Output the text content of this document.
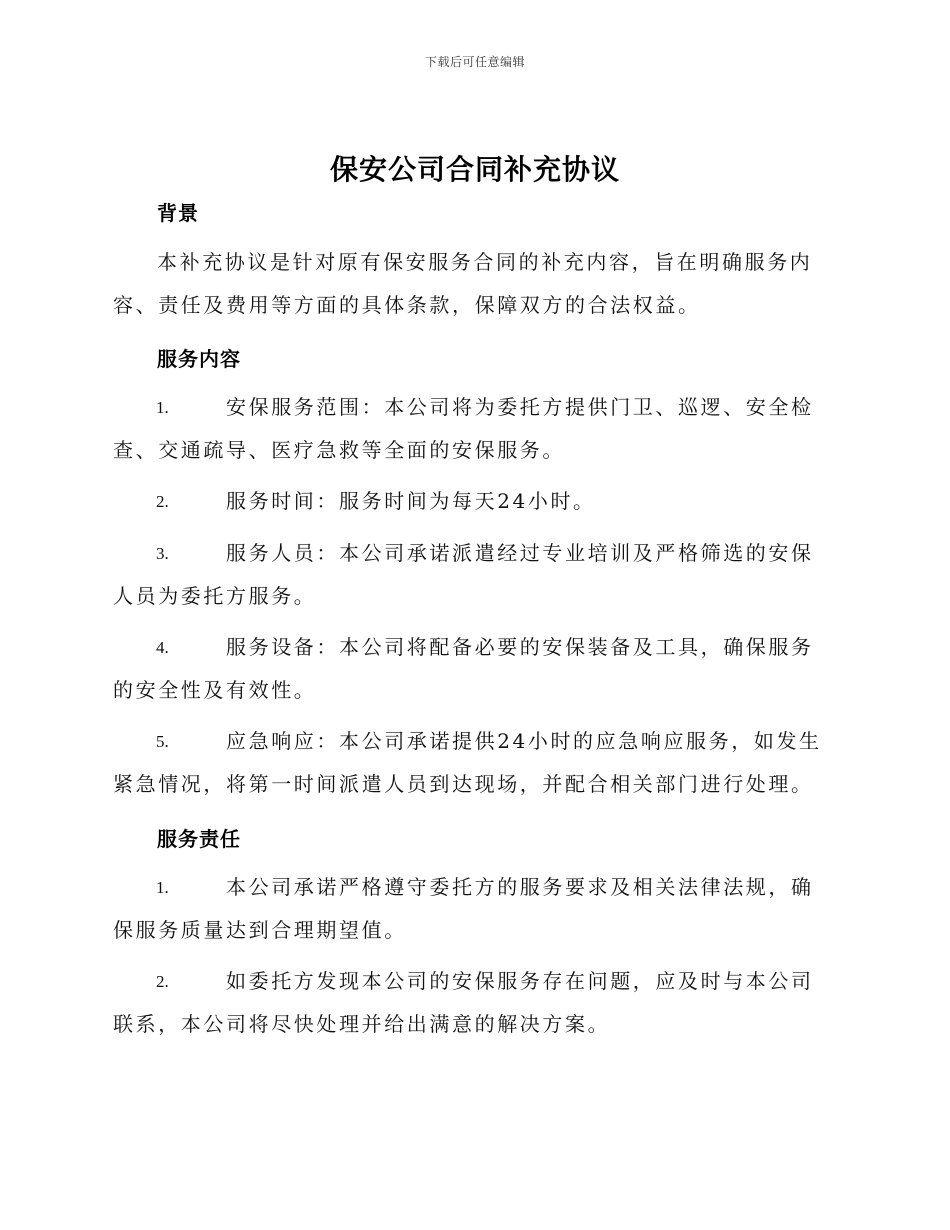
下载后可任意编辑
保安公司合同补充协议
背景
本补充协议是针对原有保安服务合同的补充内容，旨在明确服务内容、责任及费用等方面的具体条款，保障双方的合法权益。
服务内容
1.	安保服务范围：本公司将为委托方提供门卫、巡逻、安全检查、交通疏导、医疗急救等全面的安保服务。
2.	服务时间：服务时间为每天24小时。
3.	服务人员：本公司承诺派遣经过专业培训及严格筛选的安保人员为委托方服务。
4.	服务设备：本公司将配备必要的安保装备及工具，确保服务的安全性及有效性。
5.	应急响应：本公司承诺提供24小时的应急响应服务，如发生紧急情况，将第一时间派遣人员到达现场，并配合相关部门进行处理。
服务责任
1.	本公司承诺严格遵守委托方的服务要求及相关法律法规，确保服务质量达到合理期望值。
2.	如委托方发现本公司的安保服务存在问题，应及时与本公司联系，本公司将尽快处理并给出满意的解决方案。
